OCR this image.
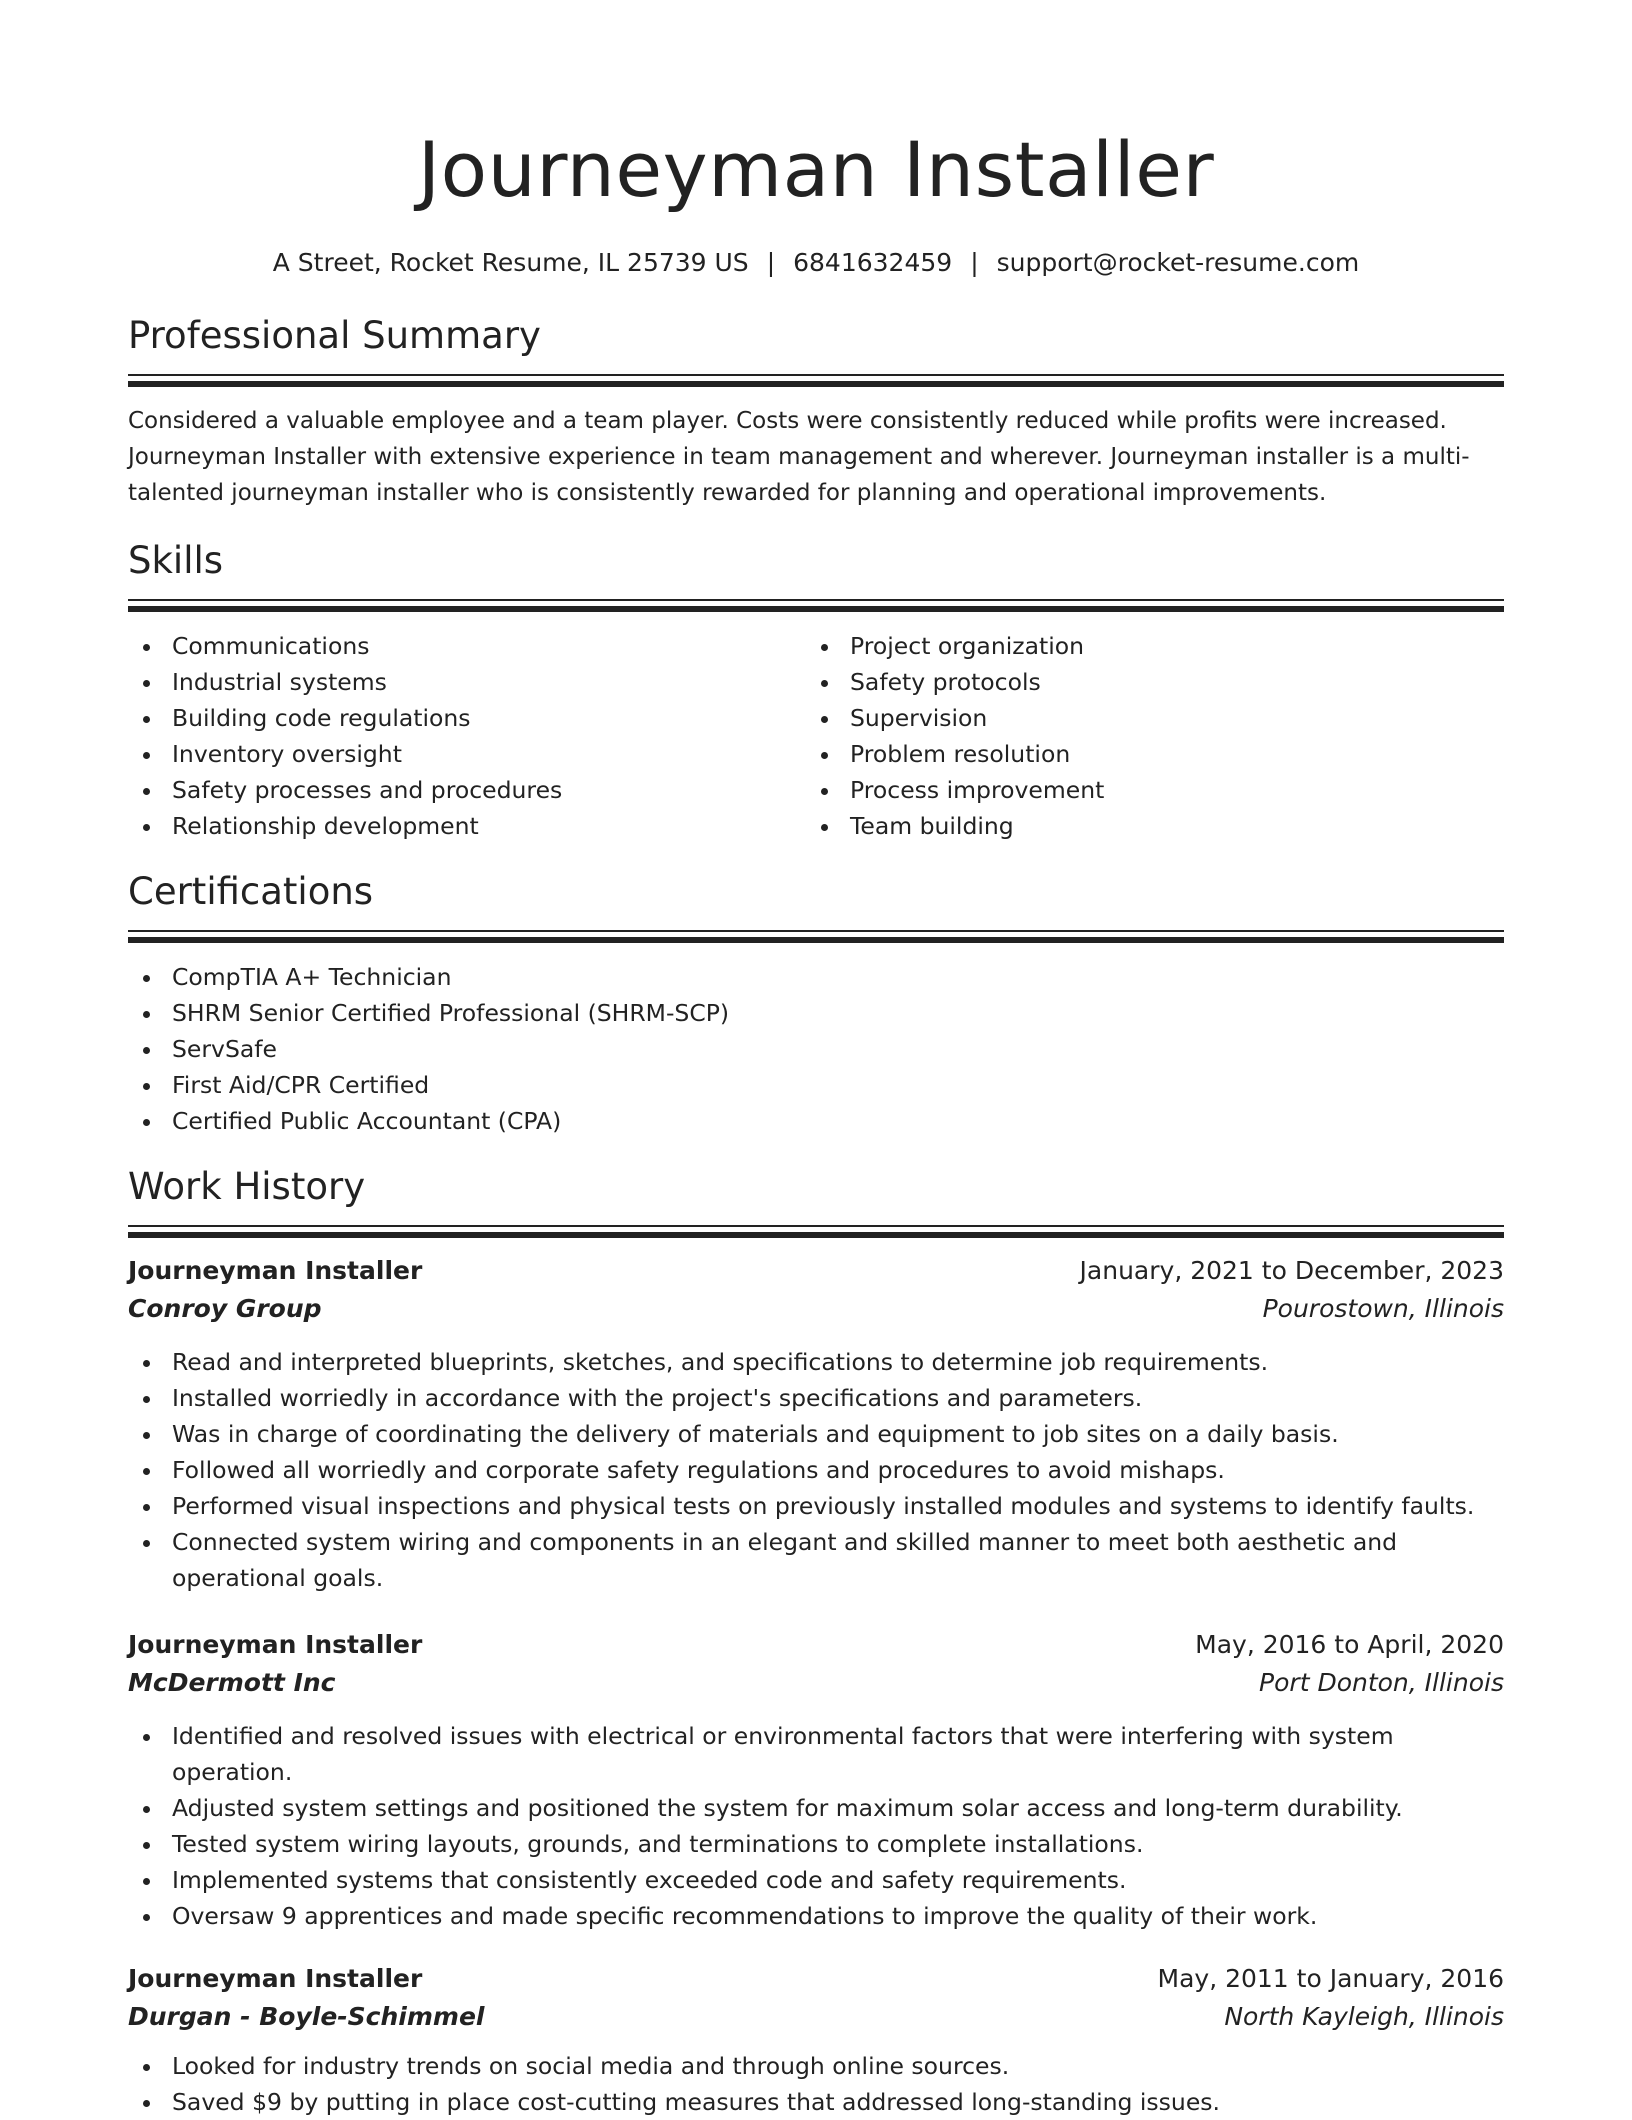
Journeyman Installer
A Street, Rocket Resume, IL 25739 US | 6841632459 | support@rocket-resume.com
Professional Summary

Considered a valuable employee and a team player. Costs were consistently reduced while profits were increased. Journeyman Installer with extensive experience in team management and wherever. Journeyman installer is a multi-talented journeyman installer who is consistently rewarded for planning and operational improvements.

Skills
Communications
Industrial systems
Building code regulations
Inventory oversight
Safety processes and procedures
Relationship development
Project organization
Safety protocols
Supervision
Problem resolution
Process improvement
Team building
Certifications
CompTIA A+ Technician
SHRM Senior Certified Professional (SHRM-SCP)
ServSafe
First Aid/CPR Certified
Certified Public Accountant (CPA)
Work History
Journeyman Installer	January, 2021 to December, 2023
Conroy Group	Pourostown, Illinois
Read and interpreted blueprints, sketches, and specifications to determine job requirements.
Installed worriedly in accordance with the project's specifications and parameters.
Was in charge of coordinating the delivery of materials and equipment to job sites on a daily basis.
Followed all worriedly and corporate safety regulations and procedures to avoid mishaps.
Performed visual inspections and physical tests on previously installed modules and systems to identify faults.
Connected system wiring and components in an elegant and skilled manner to meet both aesthetic and operational goals.
Journeyman Installer	May, 2016 to April, 2020
McDermott Inc	Port Donton, Illinois
Identified and resolved issues with electrical or environmental factors that were interfering with system operation.
Adjusted system settings and positioned the system for maximum solar access and long-term durability.
Tested system wiring layouts, grounds, and terminations to complete installations.
Implemented systems that consistently exceeded code and safety requirements.
Oversaw 9 apprentices and made specific recommendations to improve the quality of their work.
Journeyman Installer	May, 2011 to January, 2016
Durgan - Boyle-Schimmel	North Kayleigh, Illinois
Looked for industry trends on social media and through online sources.
Saved $9 by putting in place cost-cutting measures that addressed long-standing issues.
